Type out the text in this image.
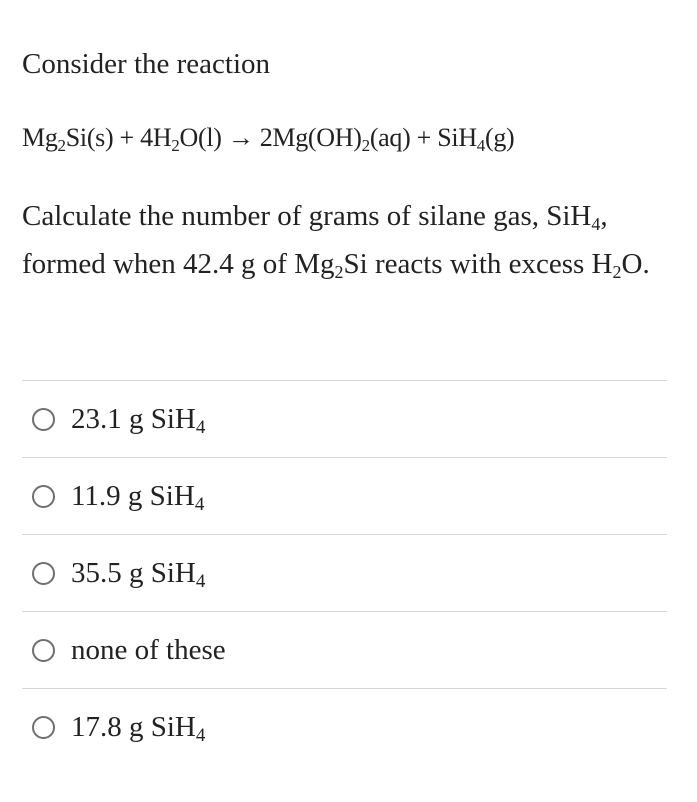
Consider the reaction
$Mg_2Si(s) + 4H_2O(l) \to 2Mg(OH)_2(aq) + SiH_4(g)$
Calculate the number of grams of silane gas, SiH$_4$, formed when 42.4 g of $Mg_2Si$ reacts with excess $H_2O$.
23.1 g SiH$_4$
11.9 g SiH$_4$
35.5 g SiH$_4$
none of these
17.8 g SiH$_4$
